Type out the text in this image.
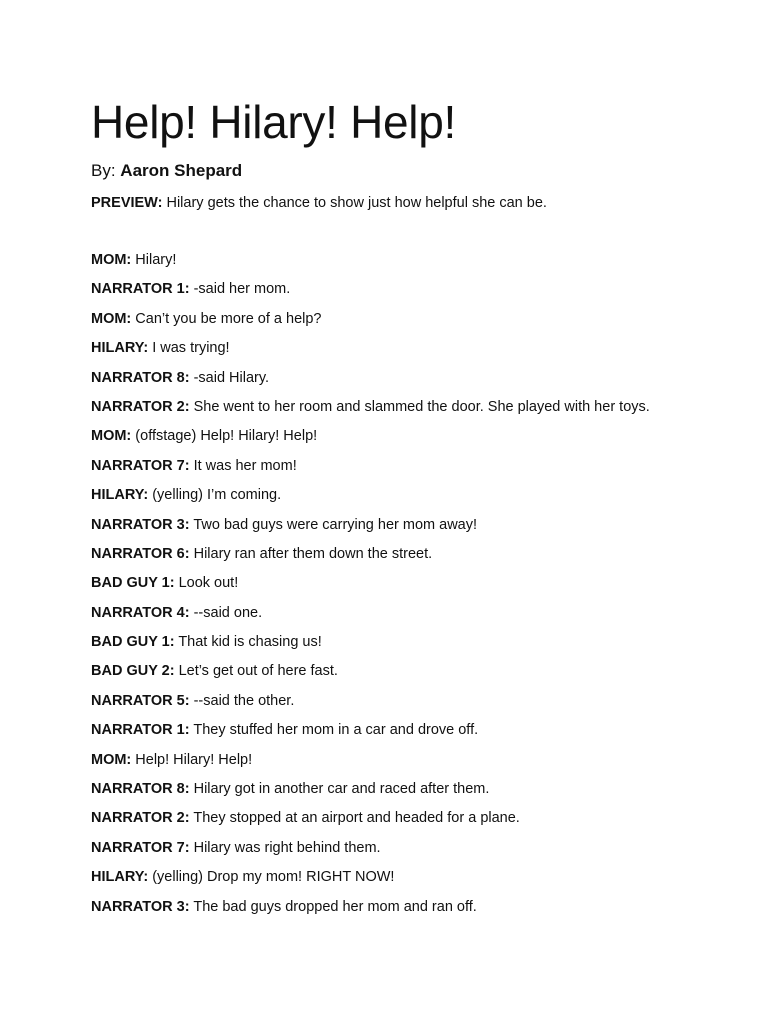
Help! Hilary! Help!
By: Aaron Shepard
PREVIEW: Hilary gets the chance to show just how helpful she can be.
MOM: Hilary!
NARRATOR 1: -said her mom.
MOM: Can’t you be more of a help?
HILARY: I was trying!
NARRATOR 8: -said Hilary.
NARRATOR 2: She went to her room and slammed the door. She played with her toys.
MOM: (offstage) Help! Hilary! Help!
NARRATOR 7: It was her mom!
HILARY: (yelling) I’m coming.
NARRATOR 3: Two bad guys were carrying her mom away!
NARRATOR 6: Hilary ran after them down the street.
BAD GUY 1: Look out!
NARRATOR 4: --said one.
BAD GUY 1: That kid is chasing us!
BAD GUY 2: Let’s get out of here fast.
NARRATOR 5: --said the other.
NARRATOR 1: They stuffed her mom in a car and drove off.
MOM: Help! Hilary! Help!
NARRATOR 8: Hilary got in another car and raced after them.
NARRATOR 2: They stopped at an airport and headed for a plane.
NARRATOR 7: Hilary was right behind them.
HILARY: (yelling) Drop my mom! RIGHT NOW!
NARRATOR 3: The bad guys dropped her mom and ran off.
